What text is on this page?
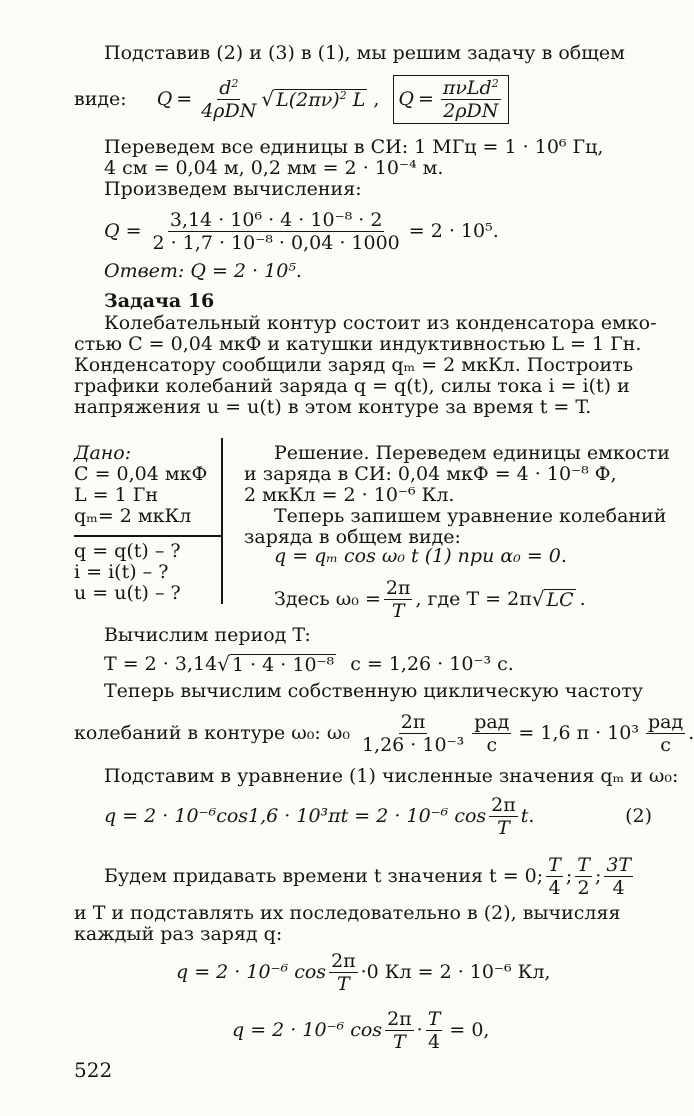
Подставив (2) и (3) в (1), мы решим задачу в общем
виде: Q =
$d^2$
4ρDN √ $L(2\pi\nu)^2$ L , Q =
πνLd$^2$
2ρDN
Переведем все единицы в СИ: 1 МГц = 1 · 10⁶ Гц,
4 см = 0,04 м, 0,2 мм = 2 · 10⁻⁴ м.
Произведем вычисления:
$Q = \frac{\text{3,14 · 10⁶ · 4 · 10⁻⁸ · 2}}{\text{2 · 1,7 · 10⁻⁸ · 0,04 · 1000}} = 2 \cdot 10^5$.
Ответ: Q = 2 · 10⁵.
Задача 16
Колебательный контур состоит из конденсатора емко-
стью C = 0,04 мкФ и катушки индуктивностью L = 1 Гн.
Конденсатору сообщили заряд qₘ = 2 мкКл. Построить
графики колебаний заряда q = q(t), силы тока i = i(t) и
напряжения u = u(t) в этом контуре за время t = T.
Дано:
C = 0,04 мкФ
L = 1 Гн
qₘ= 2 мкКл
q = q(t) – ?
i = i(t) – ?
u = u(t) – ?
Решение. Переведем единицы емкости
и заряда в СИ: 0,04 мкФ = 4 · 10⁻⁸ Ф,
2 мкКл = 2 · 10⁻⁶ Кл.
Теперь запишем уравнение колебаний
заряда в общем виде:
q = qₘ cos ω₀ t (1) при α₀ = 0.
Здесь $\omega_0 = \frac{2\pi}{T}$ , где T = 2π √ LC .
Вычислим период T:
T = 2 · 3,14 √ 1 · 4 · 10⁻⁸ с = 1,26 · 10⁻³ с.
Теперь вычислим собственную циклическую частоту
колебаний в контуре ω₀: $\omega_0 \frac{2\pi}{\text{1,26 · 10⁻³}}$ рад
с
= 1,6 π · 10³
рад
с
.
Подставим в уравнение (1) численные значения qₘ и ω₀:
q = 2 · 10⁻⁶cos1,6 · 10³πt = 2 · 10⁻⁶ $\cos \frac{2\pi}{T} t$.	(2)
Будем придавать времени t значения t = 0; $\frac{T}{4}$ ; $\frac{T}{2}$ ; $\frac{3T}{4}$
и T и подставлять их последовательно в (2), вычисляя
каждый раз заряд q:
q = 2 · 10⁻⁶ $\cos \frac{2\pi}{T} \cdot 0$ Кл = 2 · 10⁻⁶ Кл,
q = 2 · 10⁻⁶ $\cos \frac{2\pi}{T} \cdot \frac{T}{4} = 0$,
522
